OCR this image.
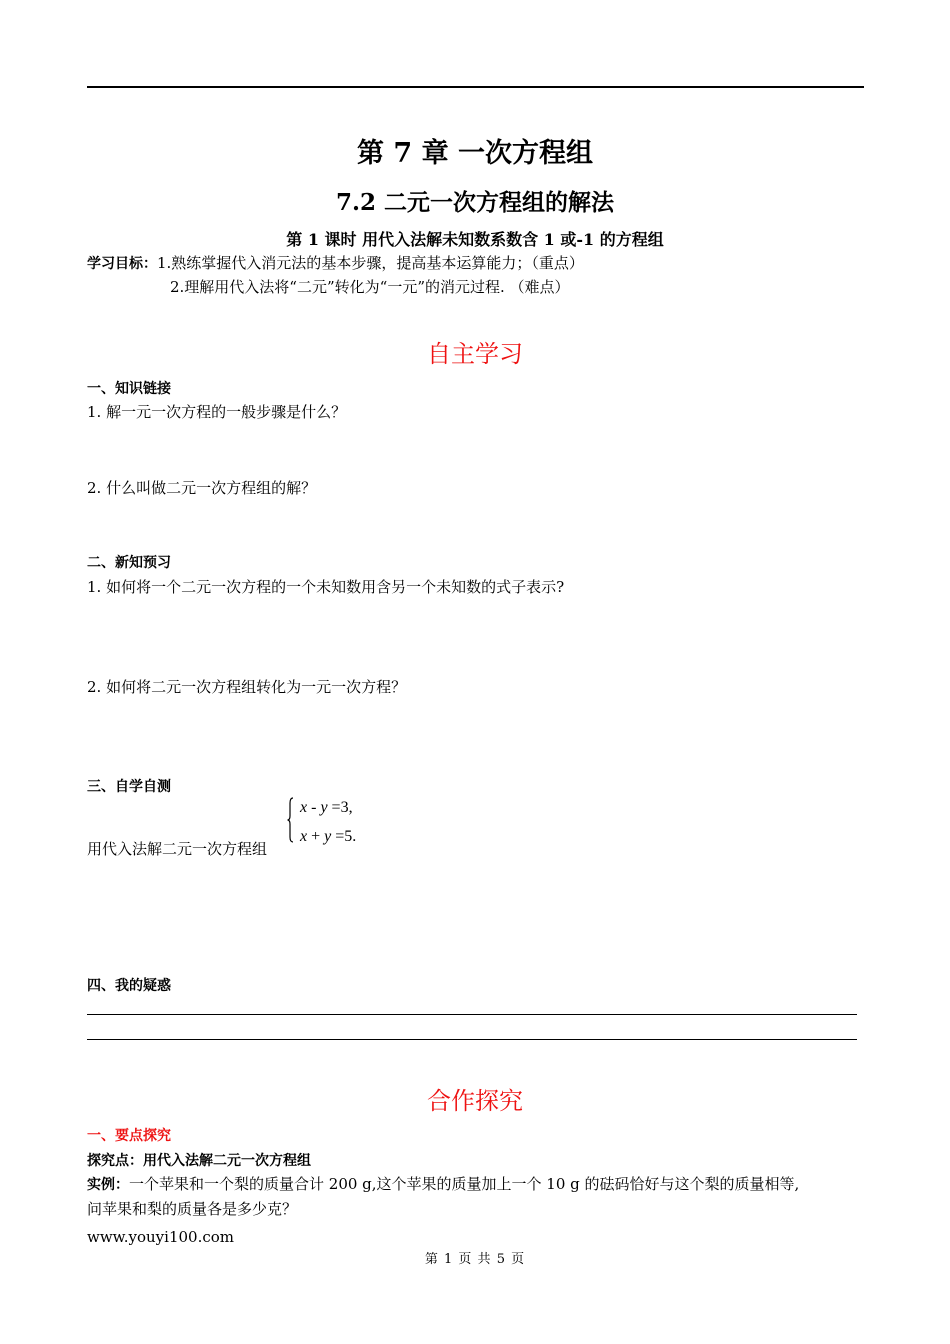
第 7 章 一次方程组
7.2 二元一次方程组的解法
第 1 课时 用代入法解未知数系数含 1 或-1 的方程组
学习目标：1.熟练掌握代入消元法的基本步骤，提高基本运算能力；（重点）
2.理解用代入法将“二元”转化为“一元”的消元过程. （难点）
自主学习
一、知识链接
1. 解一元一次方程的一般步骤是什么？
2. 什么叫做二元一次方程组的解？
二、新知预习
1. 如何将一个二元一次方程的一个未知数用含另一个未知数的式子表示?
2. 如何将二元一次方程组转化为一元一次方程？
三、自学自测
用代入法解二元一次方程组
x - y =3,
x + y =5.
四、我的疑惑
合作探究
一、要点探究
探究点：用代入法解二元一次方程组
实例：一个苹果和一个梨的质量合计 200 g,这个苹果的质量加上一个 10 g 的砝码恰好与这个梨的质量相等,
问苹果和梨的质量各是多少克？
www.youyi100.com
第 1 页 共 5 页
